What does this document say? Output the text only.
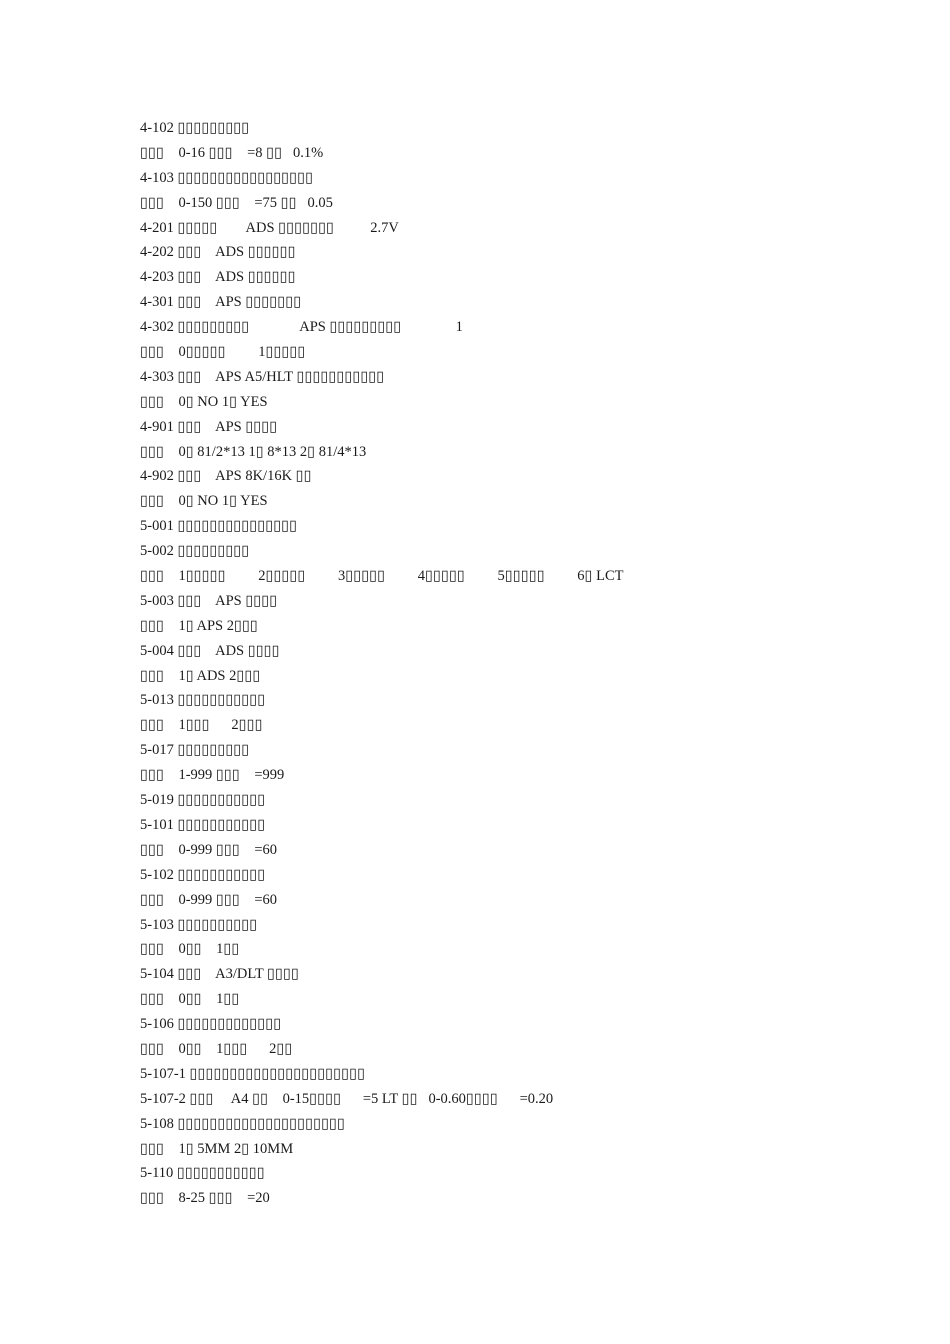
4-102 ▯▯▯▯▯▯▯▯▯
▯▯▯    0-16 ▯▯▯    =8 ▯▯   0.1%
4-103 ▯▯▯▯▯▯▯▯▯▯▯▯▯▯▯▯▯
▯▯▯    0-150 ▯▯▯    =75 ▯▯   0.05
4-201 ▯▯▯▯▯        ADS ▯▯▯▯▯▯▯          2.7V
4-202 ▯▯▯    ADS ▯▯▯▯▯▯
4-203 ▯▯▯    ADS ▯▯▯▯▯▯
4-301 ▯▯▯    APS ▯▯▯▯▯▯▯
4-302 ▯▯▯▯▯▯▯▯▯              APS ▯▯▯▯▯▯▯▯▯               1
▯▯▯    0▯▯▯▯▯         1▯▯▯▯▯
4-303 ▯▯▯    APS A5/HLT ▯▯▯▯▯▯▯▯▯▯▯
▯▯▯    0▯ NO 1▯ YES
4-901 ▯▯▯    APS ▯▯▯▯
▯▯▯    0▯ 81/2*13 1▯ 8*13 2▯ 81/4*13
4-902 ▯▯▯    APS 8K/16K ▯▯
▯▯▯    0▯ NO 1▯ YES
5-001 ▯▯▯▯▯▯▯▯▯▯▯▯▯▯▯
5-002 ▯▯▯▯▯▯▯▯▯
▯▯▯    1▯▯▯▯▯         2▯▯▯▯▯         3▯▯▯▯▯         4▯▯▯▯▯         5▯▯▯▯▯         6▯ LCT
5-003 ▯▯▯    APS ▯▯▯▯
▯▯▯    1▯ APS 2▯▯▯
5-004 ▯▯▯    ADS ▯▯▯▯
▯▯▯    1▯ ADS 2▯▯▯
5-013 ▯▯▯▯▯▯▯▯▯▯▯
▯▯▯    1▯▯▯      2▯▯▯
5-017 ▯▯▯▯▯▯▯▯▯
▯▯▯    1-999 ▯▯▯    =999
5-019 ▯▯▯▯▯▯▯▯▯▯▯
5-101 ▯▯▯▯▯▯▯▯▯▯▯
▯▯▯    0-999 ▯▯▯    =60
5-102 ▯▯▯▯▯▯▯▯▯▯▯
▯▯▯    0-999 ▯▯▯    =60
5-103 ▯▯▯▯▯▯▯▯▯▯
▯▯▯    0▯▯    1▯▯
5-104 ▯▯▯    A3/DLT ▯▯▯▯
▯▯▯    0▯▯    1▯▯
5-106 ▯▯▯▯▯▯▯▯▯▯▯▯▯
▯▯▯    0▯▯    1▯▯▯      2▯▯
5-107-1 ▯▯▯▯▯▯▯▯▯▯▯▯▯▯▯▯▯▯▯▯▯▯
5-107-2 ▯▯▯     A4 ▯▯    0-15▯▯▯▯      =5 LT ▯▯   0-0.60▯▯▯▯      =0.20
5-108 ▯▯▯▯▯▯▯▯▯▯▯▯▯▯▯▯▯▯▯▯▯
▯▯▯    1▯ 5MM 2▯ 10MM
5-110 ▯▯▯▯▯▯▯▯▯▯▯
▯▯▯    8-25 ▯▯▯    =20
